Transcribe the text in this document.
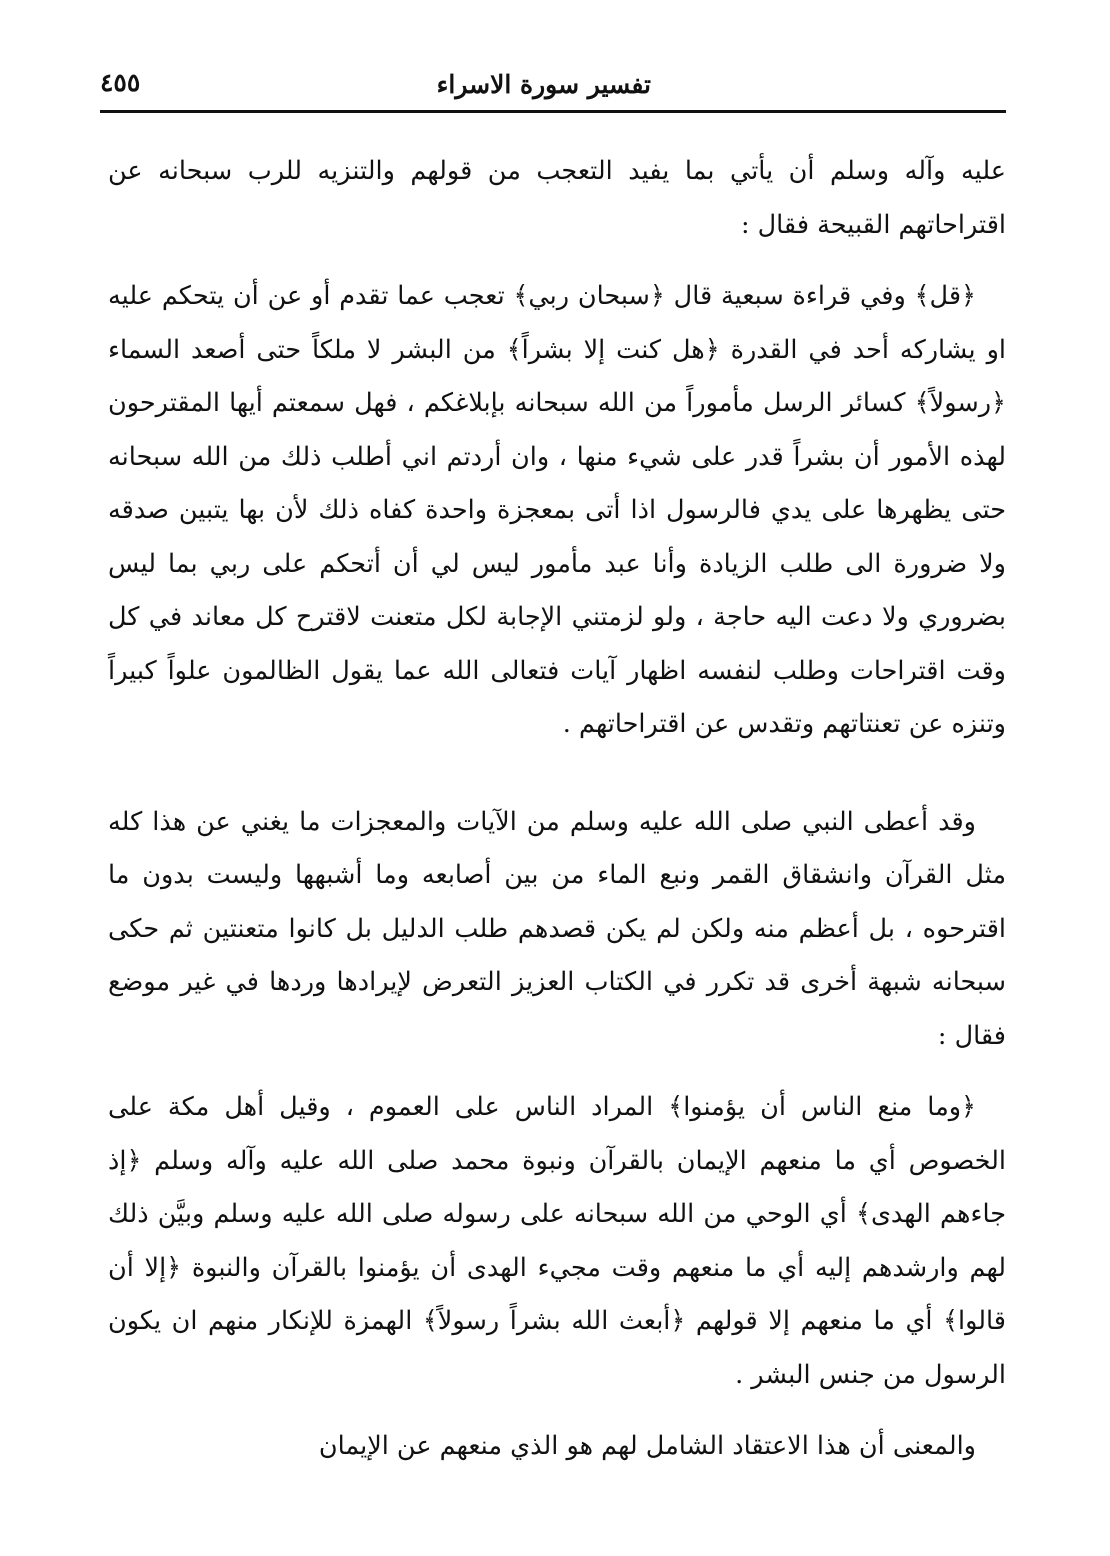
تفسير سورة الاسراء
٤٥٥

عليه وآله وسلم أن يأتي بما يفيد التعجب من قولهم والتنزيه للرب سبحانه عن اقتراحاتهم القبيحة فقال :

﴿قل﴾ وفي قراءة سبعية قال ﴿سبحان ربي﴾ تعجب عما تقدم أو عن أن يتحكم عليه او يشاركه أحد في القدرة ﴿هل كنت إلا بشراً﴾ من البشر لا ملكاً حتى أصعد السماء ﴿رسولاً﴾ كسائر الرسل مأموراً من الله سبحانه بإبلاغكم ، فهل سمعتم أيها المقترحون لهذه الأمور أن بشراً قدر على شيء منها ، وان أردتم اني أطلب ذلك من الله سبحانه حتى يظهرها على يدي فالرسول اذا أتى بمعجزة واحدة كفاه ذلك لأن بها يتبين صدقه ولا ضرورة الى طلب الزيادة وأنا عبد مأمور ليس لي أن أتحكم على ربي بما ليس بضروري ولا دعت اليه حاجة ، ولو لزمتني الإجابة لكل متعنت لاقترح كل معاند في كل وقت اقتراحات وطلب لنفسه اظهار آيات فتعالى الله عما يقول الظالمون علواً كبيراً وتنزه عن تعنتاتهم وتقدس عن اقتراحاتهم .

وقد أعطى النبي صلى الله عليه وسلم من الآيات والمعجزات ما يغني عن هذا كله مثل القرآن وانشقاق القمر ونبع الماء من بين أصابعه وما أشبهها وليست بدون ما اقترحوه ، بل أعظم منه ولكن لم يكن قصدهم طلب الدليل بل كانوا متعنتين ثم حكى سبحانه شبهة أخرى قد تكرر في الكتاب العزيز التعرض لإيرادها وردها في غير موضع فقال :

﴿وما منع الناس أن يؤمنوا﴾ المراد الناس على العموم ، وقيل أهل مكة على الخصوص أي ما منعهم الإيمان بالقرآن ونبوة محمد صلى الله عليه وآله وسلم ﴿إذ جاءهم الهدى﴾ أي الوحي من الله سبحانه على رسوله صلى الله عليه وسلم وبيَّن ذلك لهم وارشدهم إليه أي ما منعهم وقت مجيء الهدى أن يؤمنوا بالقرآن والنبوة ﴿إلا أن قالوا﴾ أي ما منعهم إلا قولهم ﴿أبعث الله بشراً رسولاً﴾ الهمزة للإنكار منهم ان يكون الرسول من جنس البشر .

والمعنى أن هذا الاعتقاد الشامل لهم هو الذي منعهم عن الإيمان
